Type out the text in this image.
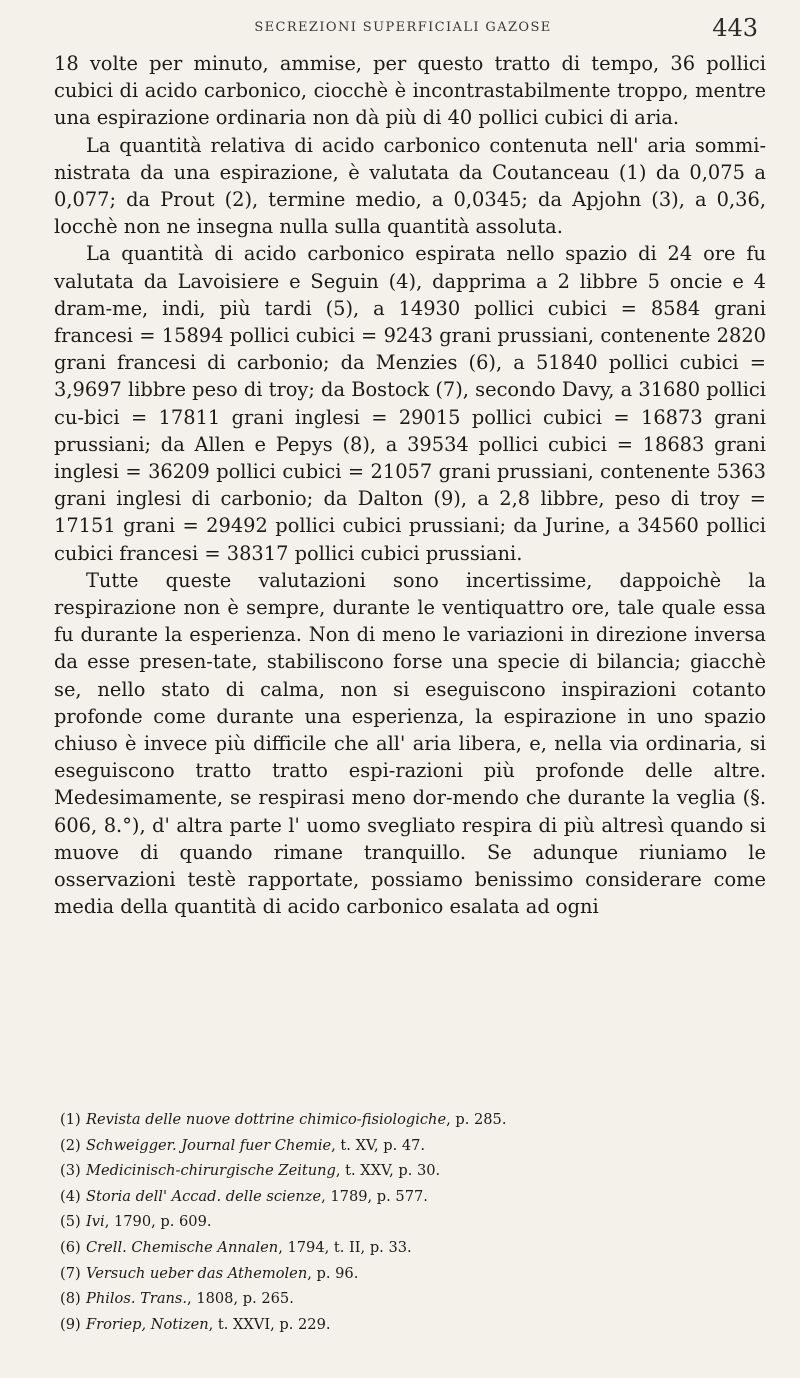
SECREZIONI SUPERFICIALI GAZOSE	443

18 volte per minuto, ammise, per questo tratto di tempo, 36 pollici cubici di acido carbonico, ciocchè è incontrastabilmente troppo, mentre una espirazione ordinaria non dà più di 40 pollici cubici di aria.

La quantità relativa di acido carbonico contenuta nell' aria sommi-nistrata da una espirazione, è valutata da Coutanceau (1) da 0,075 a 0,077; da Prout (2), termine medio, a 0,0345; da Apjohn (3), a 0,36, locchè non ne insegna nulla sulla quantità assoluta.

La quantità di acido carbonico espirata nello spazio di 24 ore fu valutata da Lavoisiere e Seguin (4), dapprima a 2 libbre 5 oncie e 4 dram-me, indi, più tardi (5), a 14930 pollici cubici = 8584 grani francesi = 15894 pollici cubici = 9243 grani prussiani, contenente 2820 grani francesi di carbonio; da Menzies (6), a 51840 pollici cubici = 3,9697 libbre peso di troy; da Bostock (7), secondo Davy, a 31680 pollici cu-bici = 17811 grani inglesi = 29015 pollici cubici = 16873 grani prussiani; da Allen e Pepys (8), a 39534 pollici cubici = 18683 grani inglesi = 36209 pollici cubici = 21057 grani prussiani, contenente 5363 grani inglesi di carbonio; da Dalton (9), a 2,8 libbre, peso di troy = 17151 grani = 29492 pollici cubici prussiani; da Jurine, a 34560 pollici cubici francesi = 38317 pollici cubici prussiani.

Tutte queste valutazioni sono incertissime, dappoichè la respirazione non è sempre, durante le ventiquattro ore, tale quale essa fu durante la esperienza. Non di meno le variazioni in direzione inversa da esse presen-tate, stabiliscono forse una specie di bilancia; giacchè se, nello stato di calma, non si eseguiscono inspirazioni cotanto profonde come durante una esperienza, la espirazione in uno spazio chiuso è invece più difficile che all' aria libera, e, nella via ordinaria, si eseguiscono tratto tratto espi-razioni più profonde delle altre. Medesimamente, se respirasi meno dor-mendo che durante la veglia (§. 606, 8.°), d' altra parte l' uomo svegliato respira di più altresì quando si muove di quando rimane tranquillo. Se adunque riuniamo le osservazioni testè rapportate, possiamo benissimo considerare come media della quantità di acido carbonico esalata ad ogni

(1) Revista delle nuove dottrine chimico-fisiologiche, p. 285.
(2) Schweigger. Journal fuer Chemie, t. XV, p. 47.
(3) Medicinisch-chirurgische Zeitung, t. XXV, p. 30.
(4) Storia dell' Accad. delle scienze, 1789, p. 577.
(5) Ivi, 1790, p. 609.
(6) Crell. Chemische Annalen, 1794, t. II, p. 33.
(7) Versuch ueber das Athemolen, p. 96.
(8) Philos. Trans., 1808, p. 265.
(9) Froriep, Notizen, t. XXVI, p. 229.
